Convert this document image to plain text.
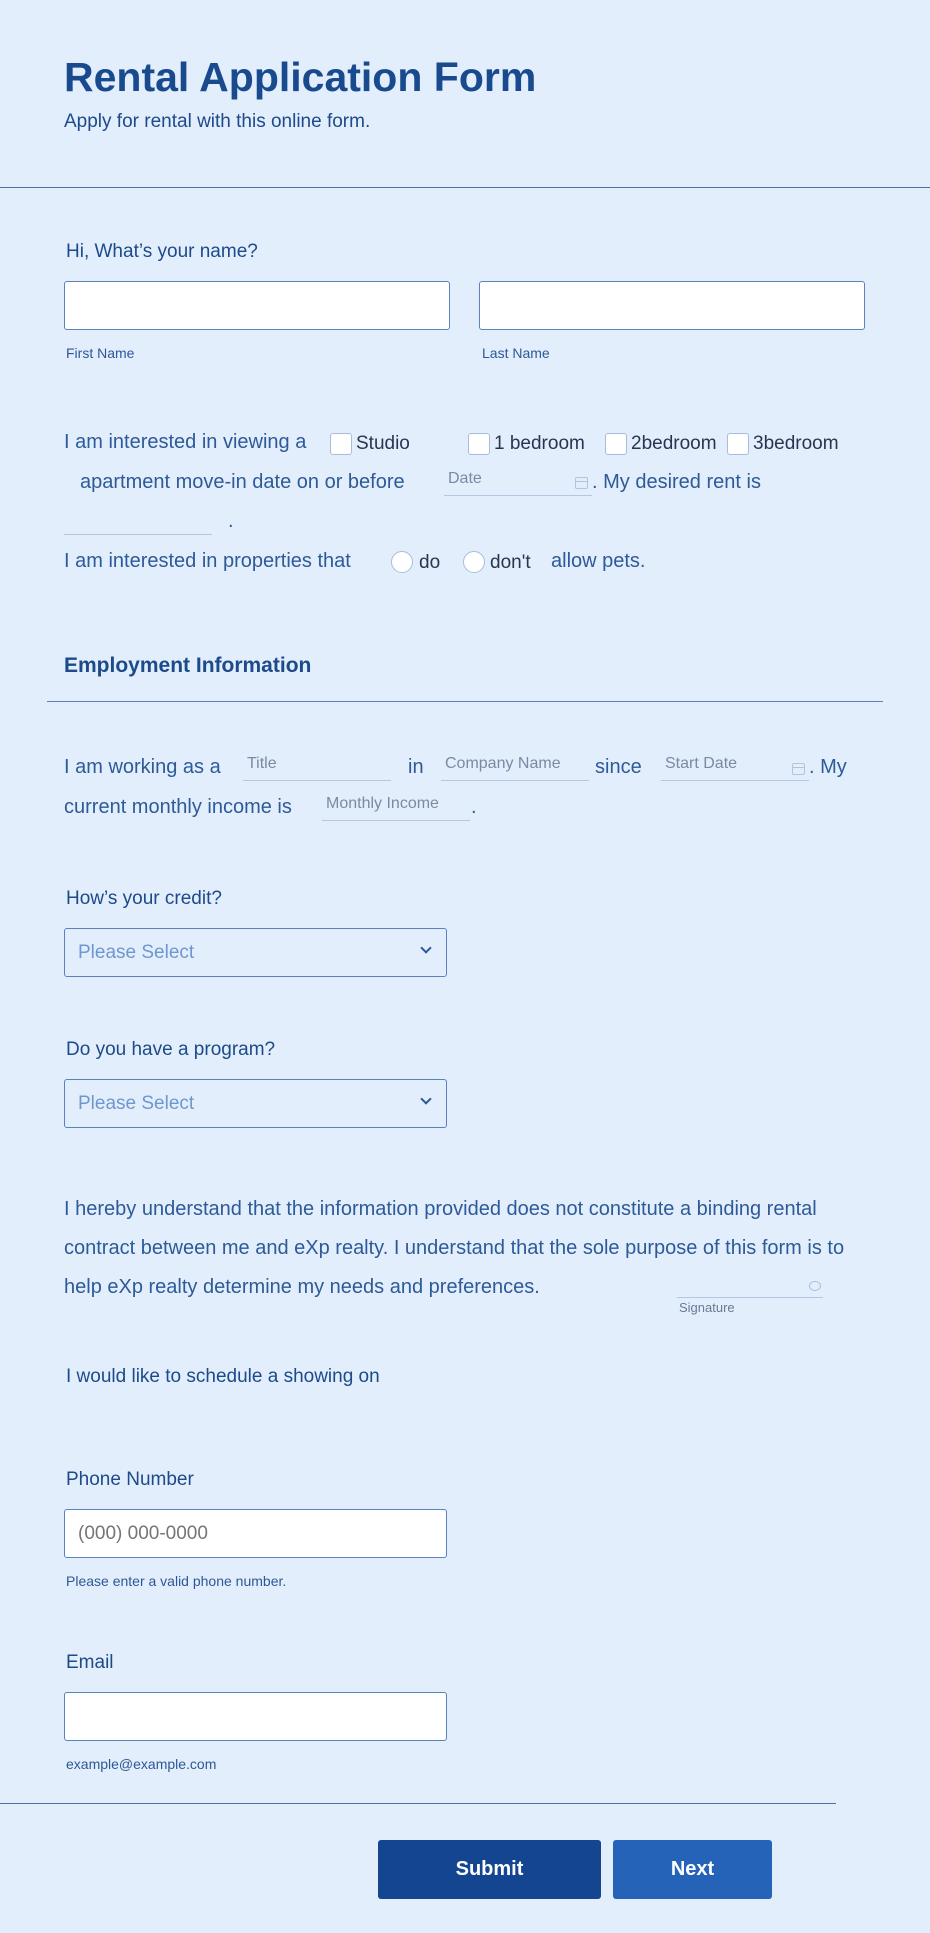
Rental Application Form
Apply for rental with this online form.
Hi, What’s your name?
First Name	Last Name
I am interested in viewing a	Studio	1 bedroom 2bedroom 3bedroom
apartment move-in date on or before	Date	. My desired rent is
.
I am interested in properties that	do	don't allow pets.
Employment Information
I am working as a Title	in Company Name	since Start Date	. My
current monthly income is Monthly Income	.
How’s your credit?
Please Select
Do you have a program?
Please Select
I hereby understand that the information provided does not constitute a binding rental contract between me and eXp realty. I understand that the sole purpose of this form is to help eXp realty determine my needs and preferences.
Signature
I would like to schedule a showing on
Phone Number
(000) 000-0000
Please enter a valid phone number.
Email
example@example.com
Submit	Next
